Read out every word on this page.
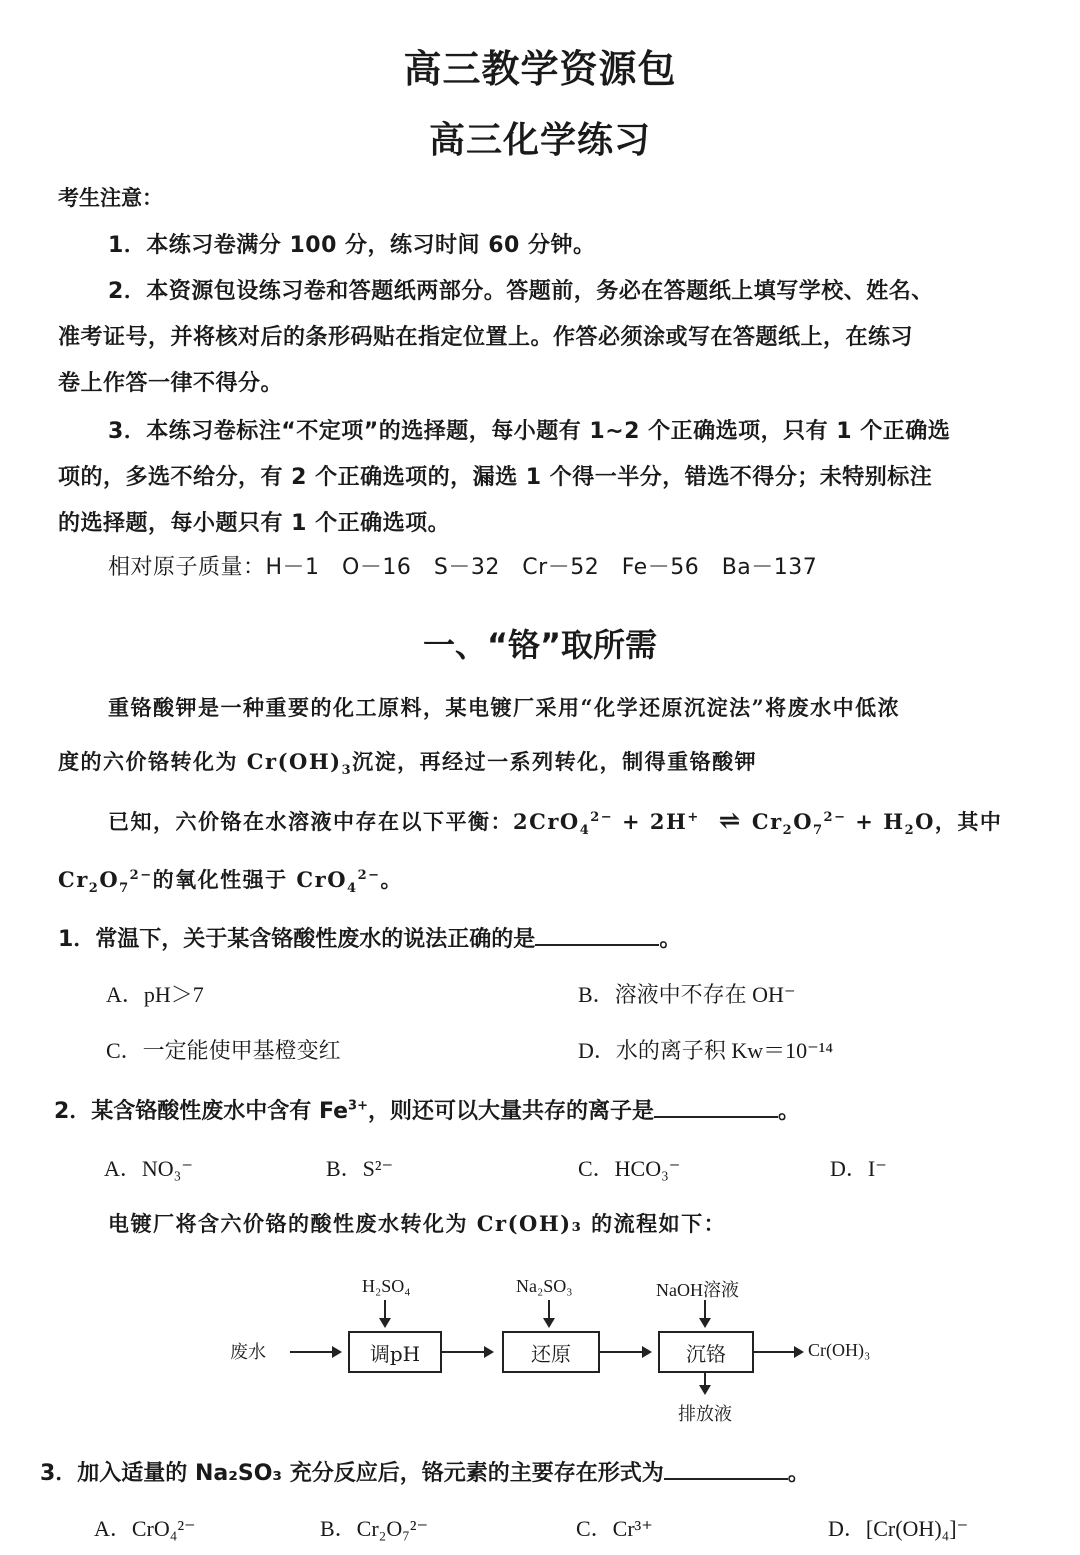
高三教学资源包
高三化学练习
考生注意：
1．本练习卷满分 100 分，练习时间 60 分钟。
2．本资源包设练习卷和答题纸两部分。答题前，务必在答题纸上填写学校、姓名、
准考证号，并将核对后的条形码贴在指定位置上。作答必须涂或写在答题纸上，在练习
卷上作答一律不得分。
3．本练习卷标注“不定项”的选择题，每小题有 1~2 个正确选项，只有 1 个正确选
项的，多选不给分，有 2 个正确选项的，漏选 1 个得一半分，错选不得分；未特别标注
的选择题，每小题只有 1 个正确选项。
相对原子质量：H－1　O－16　S－32　Cr－52　Fe－56　Ba－137
一、“铬”取所需
重铬酸钾是一种重要的化工原料，某电镀厂采用“化学还原沉淀法”将废水中低浓
度的六价铬转化为 $Cr(OH)_3$沉淀，再经过一系列转化，制得重铬酸钾
已知，六价铬在水溶液中存在以下平衡：2CrO$_4^{2-}$ + 2H+ ⇌ $Cr_2O_7^{2-} + H_2O$，其中
$Cr_2O_7^{2-}$的氧化性强于 CrO$_4^{2-}$。
1．常温下，关于某含铬酸性废水的说法正确的是	。
A．pH＞7	B．溶液中不存在 OH⁻
C．一定能使甲基橙变红	D．水的离子积 Kw＝10⁻¹⁴
2．某含铬酸性废水中含有 $Fe^{3+}$，则还可以大量共存的离子是	。
A．NO₃⁻	B．S²⁻	C．HCO₃⁻	D．I⁻
电镀厂将含六价铬的酸性废水转化为 Cr(OH)₃ 的流程如下：
废水
H₂SO₄
调pH
Na₂SO₃
还原
NaOH溶液
沉铬	Cr(OH)₃
排放液
3．加入适量的 Na₂SO₃ 充分反应后，铬元素的主要存在形式为	。
A．CrO₄²⁻	B．Cr₂O₇²⁻	C．Cr³⁺	D．[Cr(OH)₄]⁻
